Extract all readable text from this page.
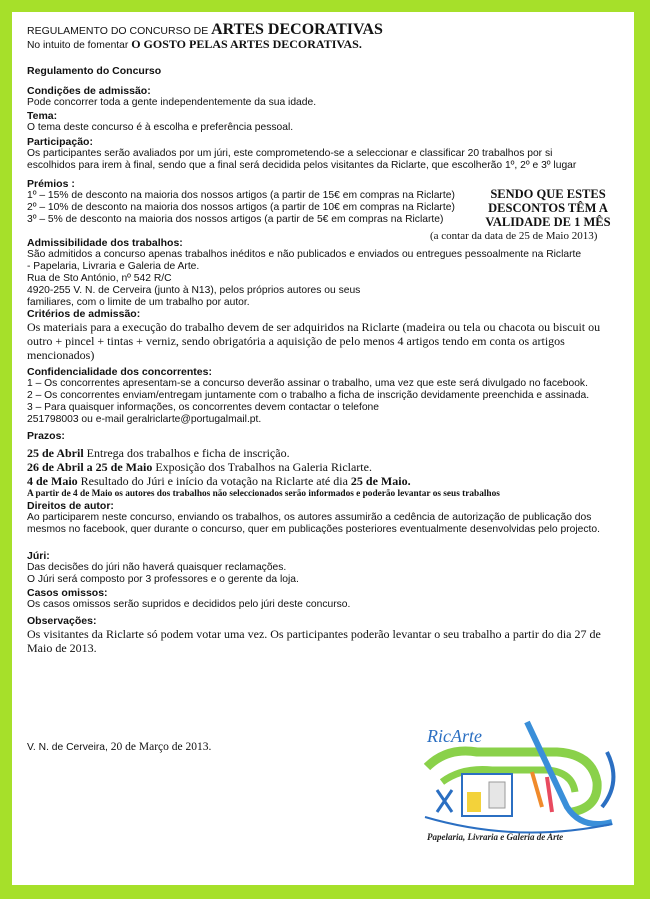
REGULAMENTO DO CONCURSO DE ARTES DECORATIVAS

No intuito de fomentar O GOSTO PELAS ARTES DECORATIVAS.

Regulamento do Concurso

Condições de admissão:

Pode concorrer toda a gente independentemente da sua idade.

Tema:

O tema deste concurso é à escolha e preferência pessoal.

Participação:

Os participantes serão avaliados por um júri, este comprometendo-se a seleccionar e classificar 20 trabalhos por si

escolhidos para irem à final, sendo que a final será decidida pelos visitantes da Riclarte, que escolherão 1º, 2º e 3º lugar

Prémios :

1º – 15% de desconto na maioria dos nossos artigos (a partir de 15€ em compras na Riclarte)

2º – 10% de desconto na maioria dos nossos artigos (a partir de 10€ em compras na Riclarte)

3º – 5% de desconto na maioria dos nossos artigos (a partir de 5€ em compras na Riclarte)

SENDO QUE ESTES DESCONTOS TÊM A VALIDADE DE 1 MÊS
(a contar da data de 25 de Maio 2013)

Admissibilidade dos trabalhos:

São admitidos a concurso apenas trabalhos inéditos e não publicados e enviados ou entregues pessoalmente na Riclarte

- Papelaria, Livraria e Galeria de Arte.

Rua de Sto António, nº 542 R/C

4920-255 V. N. de Cerveira (junto à N13), pelos próprios autores ou seus

familiares, com o limite de um trabalho por autor.

Critérios de admissão:

Os materiais para a execução do trabalho devem de ser adquiridos na Riclarte (madeira ou tela ou chacota ou biscuit ou outro + pincel + tintas + verniz, sendo obrigatória a aquisição de pelo menos 4 artigos tendo em conta os artigos mencionados)

Confidencialidade dos concorrentes:

1 – Os concorrentes apresentam-se a concurso deverão assinar o trabalho, uma vez que este será divulgado no facebook.

2 – Os concorrentes enviam/entregam juntamente com o trabalho a ficha de inscrição devidamente preenchida e assinada.

3 – Para quaisquer informações, os concorrentes devem contactar o telefone

251798003 ou e-mail geralriclarte@portugalmail.pt.

Prazos:

25 de Abril Entrega dos trabalhos e ficha de inscrição.

26 de Abril a 25 de Maio Exposição dos Trabalhos na Galeria Riclarte.

4 de Maio Resultado do Júri e início da votação na Riclarte até dia 25 de Maio.

A partir de 4 de Maio os autores dos trabalhos não seleccionados serão informados e poderão levantar os seus trabalhos

Direitos de autor:

Ao participarem neste concurso, enviando os trabalhos, os autores assumirão a cedência de autorização de publicação dos mesmos no facebook, quer durante o concurso, quer em publicações posteriores eventualmente desenvolvidas pelo projecto.

Júri:

Das decisões do júri não haverá quaisquer reclamações.

O Júri será composto por 3 professores e o gerente da loja.

Casos omissos:

Os casos omissos serão supridos e decididos pelo júri deste concurso.

Observações:

Os visitantes da Riclarte só podem votar uma vez. Os participantes poderão levantar o seu trabalho a partir do dia 27 de Maio de 2013.

V. N. de Cerveira, 20 de Março de 2013.
RicArte
Papelaria, Livraria e Galeria de Arte
